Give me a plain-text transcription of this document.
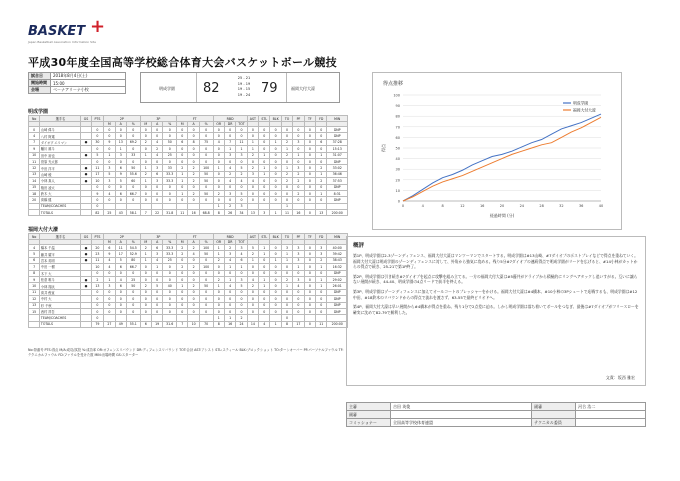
BASKET +
Japan Basketball Association Information Site
平成30年度全国高等学校総合体育大会バスケットボール競技
試合日	2018年8月4日(土)
開始時間	15:00
会場	ベーナアリーナ小牧	明成学園 82
25 - 21
19 - 19
19 - 15
19 - 24 79	福岡大付大濠
明成学園
No	選手名	GS	PTS	2P			3P			FT			RBD			AST	STL	BLK	TO	PF	TF	FD	MIN
				M	A	%	M	A	%	M	A	%	OR	DR	TOT								
0	山﨑 偉斗		0	0	0	0	0	0	0	0	0	0	0	0	0	0	0	0	0	0	0	0	DNP
4	八村 阿蓮		0	0	0	0	0	0	0	0	0	0	0	0	0	0	0	0	0	0	0	0	DNP
7	ダイオプ エリマン	●	30	9	13	69.2	2	4	50	6	8	75	4	7	11	1	0	1	2	3	0	6	37:28
9	幡川 雄斗		0	0	1	0	0	2	0	0	0	0	0	1	1	1	0	0	1	0	0	0	15:13
10	田中 裕也	●	5	1	3	33	1	4	25	0	0	0	0	3	3	2	1	0	2	1	0	1	31:07
11	菅原 光太郎		0	0	0	0	0	0	0	0	0	0	0	0	0	0	0	0	0	0	0	0	DNP
12	中田 洋平	●	11	3	6	50	1	3	33	2	2	100	1	4	5	2	1	0	1	3	0	2	33:02
13	山崎 稜	●	17	5	9	55.6	2	6	33.3	1	2	50	0	2	2	3	1	0	2	2	0	1	36:46
14	小林 真人	●	10	3	5	60	1	3	33.3	1	2	50	0	4	4	4	0	0	2	2	0	2	37:53
15	植田 凌太		0	0	0	0	0	0	0	0	0	0	0	0	0	0	0	0	0	0	0	0	DNP
18	鈴木 大		9	4	6	66.7	0	0	0	1	2	50	2	3	5	0	0	0	0	2	0	1	8:31
20	髙橋 健		0	0	0	0	0	0	0	0	0	0	0	0	0	0	0	0	0	0	0	0	DNP
	TEAM/COACHES		0										1	2	3				1				
	TOTALS		82	25	43	58.1	7	22	31.8	11	16	68.8	8	26	34	13	3	1	11	16	0	13	200:00
福岡大付大濠
No	選手名	GS	PTS	2P			3P			FT			RBD			AST	STL	BLK	TO	PF	TF	FD	MIN
				M	A	%	M	A	%	M	A	%	OR	DR	TOT								
4	橋本 千温	●	20	6	11	54.5	2	6	33.3	2	2	100	1	2	3	5	1	0	3	3	0	3	40:00
5	藤井 耀平	●	23	9	17	52.9	1	3	33.3	2	4	50	1	3	4	2	1	0	1	3	0	3	39:42
6	宮本 英明	●	11	4	5	80	1	4	25	0	0	0	2	4	6	1	0	1	1	3	0	2	38:43
7	中田 一樹		10	4	6	66.7	0	1	0	2	2	100	0	1	1	0	0	0	0	1	0	1	16:32
8	木下 大		0	0	0	0	0	0	0	0	0	0	0	0	0	0	0	0	0	0	0	0	DNP
9	松倉 唯斗	●	2	1	4	25	0	0	0	0	0	0	2	1	3	4	1	0	2	3	0	1	29:02
10	小林 翔汰	●	13	3	6	50	2	5	40	1	2	50	1	4	5	2	1	0	1	4	0	1	26:01
11	髙井 俊直		0	0	0	0	0	0	0	0	0	0	0	0	0	0	0	0	0	0	0	0	DNP
12	中村 大		0	0	0	0	0	0	0	0	0	0	0	0	0	0	0	0	0	0	0	0	DNP
13	杉 千秋		0	0	0	0	0	0	0	0	0	0	0	0	0	0	0	0	0	0	0	0	DNP
15	西村 祥吾		0	0	0	0	0	0	0	0	0	0	0	0	0	0	0	0	0	0	0	0	DNP
	TEAM/COACHES		0										1	1	2				0				
	TOTALS		79	27	49	55.1	6	19	31.6	7	10	70	8	16	24	14	4	1	8	17	0	11	200:00
No:背番号 PTS:得点 M/A:成功/試投 %:成功率 OR:オフェンスリバウンド DR:ディフェンスリバウンド TOT:合計 AST:アシスト STL:スティール BLK:ブロックショット TO:ターンオーバー PF:パーソナルファウル TF:テクニカルファウル FD:ファウルを受けた数 MIN:出場時間 GS:スターター
得点推移
0
10
20
30
40
50
60
70
80
90
100
0	4	8	12	16	20	24	28	32	36	40
経過時間 (分)
得点
明成学園
福岡大付大濠
概評
第1P、明成学園は2-3ゾーンディフェンス、福岡大付大濠はマンツーマンでスタートする。明成学園は#13山崎、#7ダイオプのポストプレイなどで得点を重ねていく。福岡大付大濠は明成学園のゾーンディフェンスに対して、外角から強気に攻める。残り5分#7ダイオプの連続得点で明成学園がリードを広げると、#14小林がカットからの得点で続き、25-21で第1P終了。
第2P、明成学園は引き続き#7ダイオプを起点に攻撃を組み立てる。一方の福岡大付大濠は#5藤井がドライブから積極的にリングへアタックし追いすがる。互いに譲らない展開が続き、44-40、明成学園の4点リードで前半を終える。
第3P、明成学園はゾーンディフェンスに加えてオールコートのプレッシャーをかける。福岡大付大濠は#4橋本、#10小林の3Pシュートで応戦するも、明成学園は#12中田、#18鈴木のリバウンドからの得点で流れを渡さず、63-55で最終ピリオドへ。
第4P、福岡大付大濠は早い展開から#4橋本が得点を重ね、残り1分で2点差に迫る。しかし明成学園は落ち着いてボールをつなぎ、最後は#7ダイオプがフリースローを確実に沈めて82-79で勝利した。
文責：坂西 雅宏
主審	吉田 英俊	副審	河合 浩二
副審			
コミッショナー	全国高等学校体育連盟	テクニカル委員	
